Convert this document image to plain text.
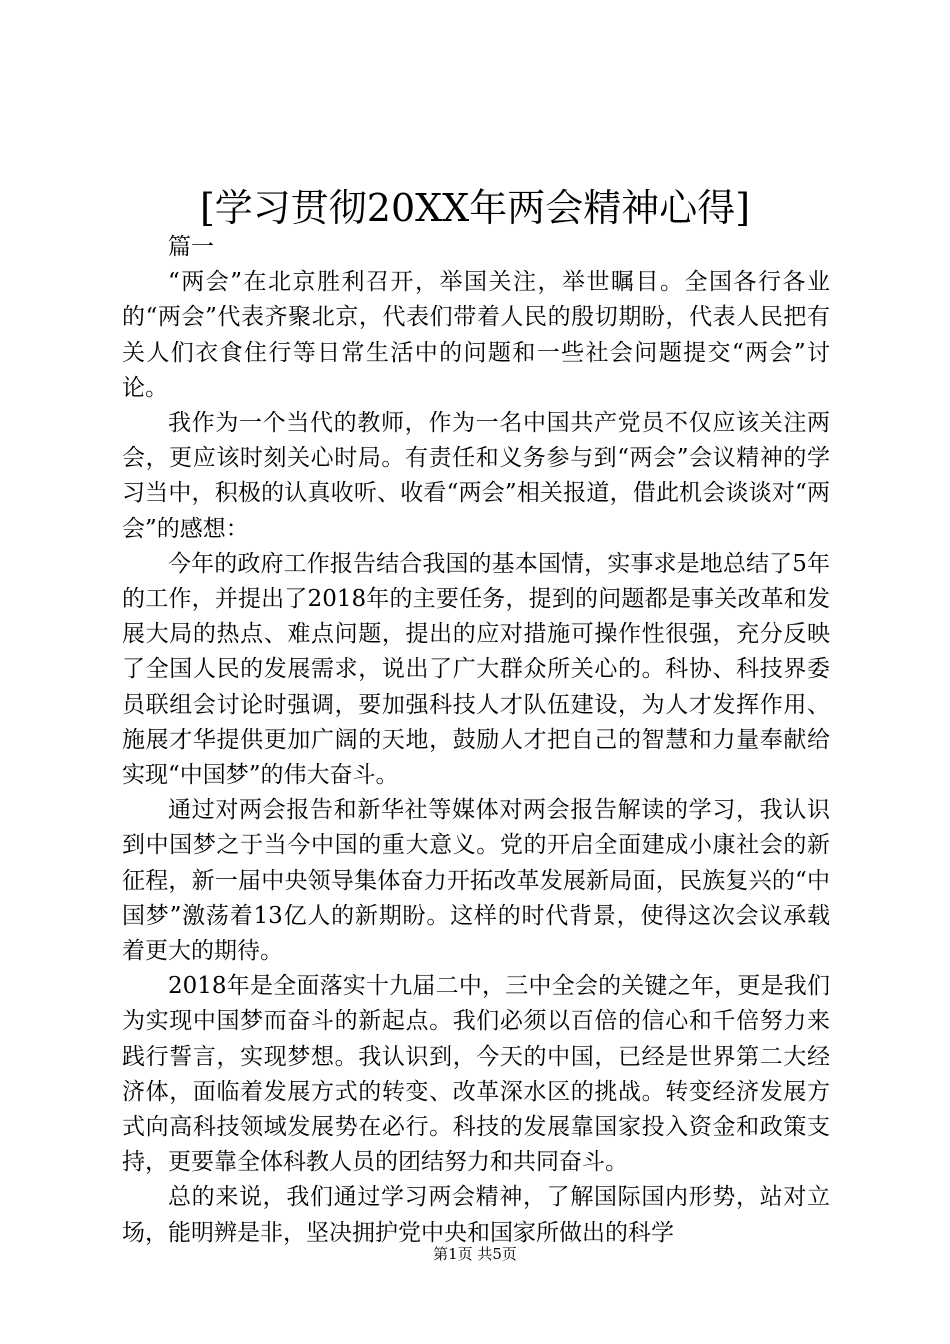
[学习贯彻20XX年两会精神心得]

篇一

“两会”在北京胜利召开，举国关注，举世瞩目。全国各行各业的“两会”代表齐聚北京，代表们带着人民的殷切期盼，代表人民把有关人们衣食住行等日常生活中的问题和一些社会问题提交“两会”讨论。

我作为一个当代的教师，作为一名中国共产党员不仅应该关注两会，更应该时刻关心时局。有责任和义务参与到“两会”会议精神的学习当中，积极的认真收听、收看“两会”相关报道，借此机会谈谈对“两会”的感想：

今年的政府工作报告结合我国的基本国情，实事求是地总结了5年的工作，并提出了2018年的主要任务，提到的问题都是事关改革和发展大局的热点、难点问题，提出的应对措施可操作性很强，充分反映了全国人民的发展需求，说出了广大群众所关心的。科协、科技界委员联组会讨论时强调，要加强科技人才队伍建设，为人才发挥作用、施展才华提供更加广阔的天地，鼓励人才把自己的智慧和力量奉献给实现“中国梦”的伟大奋斗。

通过对两会报告和新华社等媒体对两会报告解读的学习，我认识到中国梦之于当今中国的重大意义。党的开启全面建成小康社会的新征程，新一届中央领导集体奋力开拓改革发展新局面，民族复兴的“中国梦”激荡着13亿人的新期盼。这样的时代背景，使得这次会议承载着更大的期待。

2018年是全面落实十九届二中，三中全会的关键之年，更是我们为实现中国梦而奋斗的新起点。我们必须以百倍的信心和千倍努力来践行誓言，实现梦想。我认识到，今天的中国，已经是世界第二大经济体，面临着发展方式的转变、改革深水区的挑战。转变经济发展方式向高科技领域发展势在必行。科技的发展靠国家投入资金和政策支持，更要靠全体科教人员的团结努力和共同奋斗。

总的来说，我们通过学习两会精神，了解国际国内形势，站对立场，能明辨是非，坚决拥护党中央和国家所做出的科学

第1页 共5页
